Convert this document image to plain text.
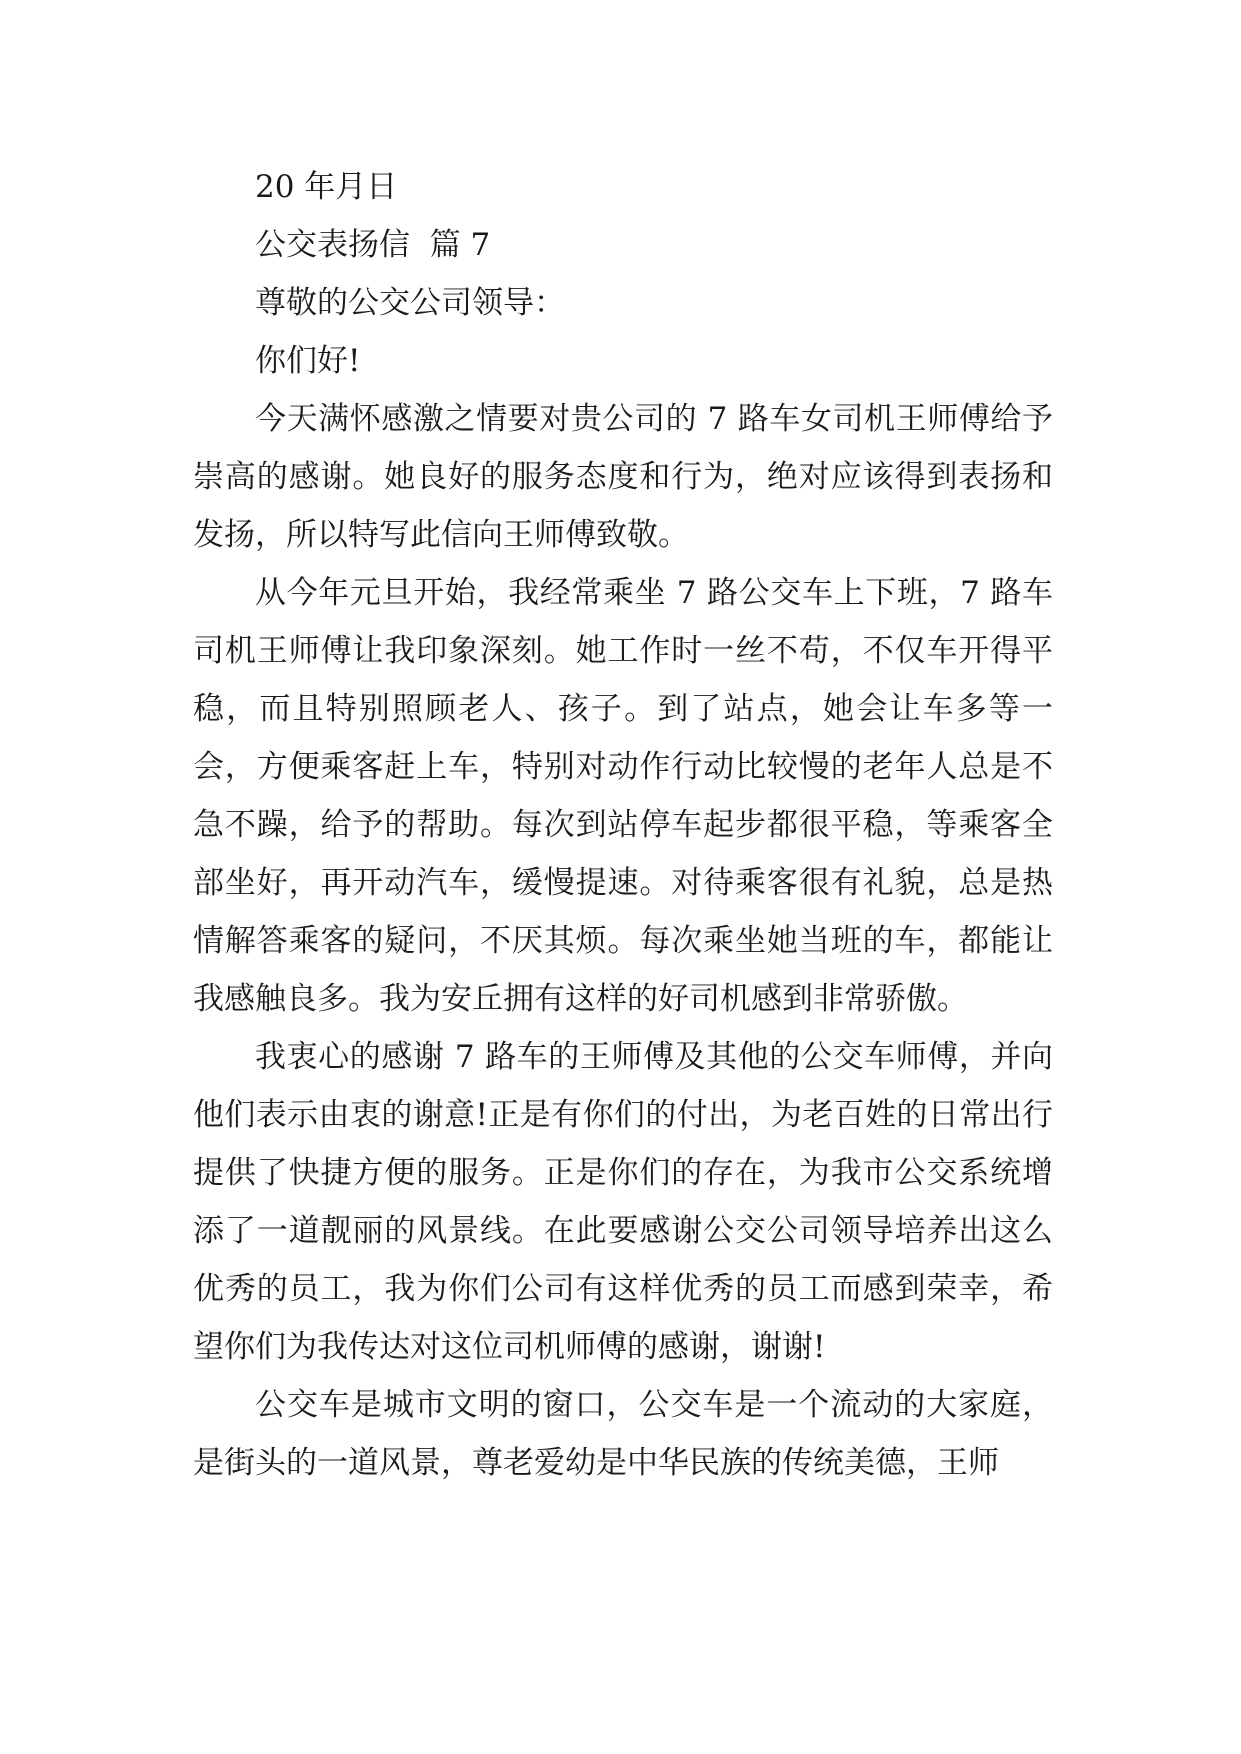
20 年月日
公交表扬信  篇 7
尊敬的公交公司领导：
你们好!

今天满怀感激之情要对贵公司的 7 路车女司机王师傅给予崇高的感谢。她良好的服务态度和行为，绝对应该得到表扬和发扬，所以特写此信向王师傅致敬。

从今年元旦开始，我经常乘坐 7 路公交车上下班，7 路车司机王师傅让我印象深刻。她工作时一丝不苟，不仅车开得平稳，而且特别照顾老人、孩子。到了站点，她会让车多等一会，方便乘客赶上车，特别对动作行动比较慢的老年人总是不急不躁，给予的帮助。每次到站停车起步都很平稳，等乘客全部坐好，再开动汽车，缓慢提速。对待乘客很有礼貌，总是热情解答乘客的疑问，不厌其烦。每次乘坐她当班的车，都能让我感触良多。我为安丘拥有这样的好司机感到非常骄傲。

我衷心的感谢 7 路车的王师傅及其他的公交车师傅，并向他们表示由衷的谢意!正是有你们的付出，为老百姓的日常出行提供了快捷方便的服务。正是你们的存在，为我市公交系统增添了一道靓丽的风景线。在此要感谢公交公司领导培养出这么优秀的员工，我为你们公司有这样优秀的员工而感到荣幸，希望你们为我传达对这位司机师傅的感谢，谢谢!

公交车是城市文明的窗口，公交车是一个流动的大家庭，是街头的一道风景，尊老爱幼是中华民族的传统美德，王师
